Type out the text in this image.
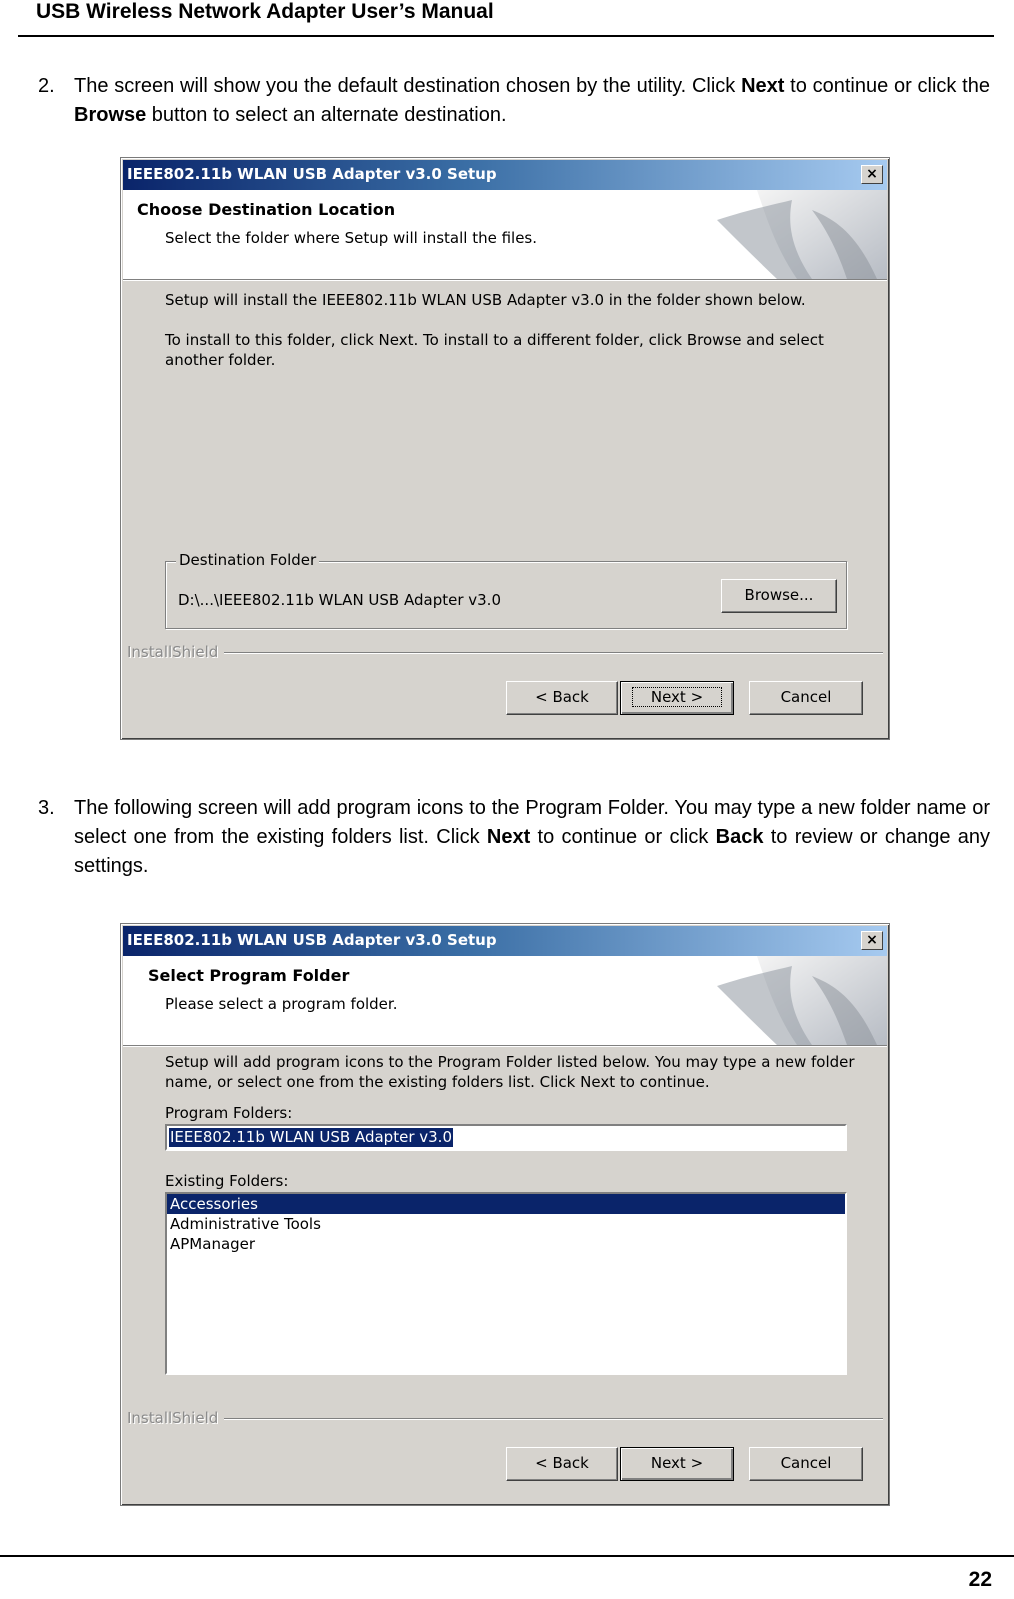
USB Wireless Network Adapter User’s Manual
2. The screen will show you the default destination chosen by the utility. Click Next to continue or click the Browse button to select an alternate destination.
IEEE802.11b WLAN USB Adapter v3.0 Setup	×
Choose Destination Location
Select the folder where Setup will install the files.
Setup will install the IEEE802.11b WLAN USB Adapter v3.0 in the folder shown below.
To install to this folder, click Next. To install to a different folder, click Browse and select
another folder.
Destination Folder
D:\...\IEEE802.11b WLAN USB Adapter v3.0	Browse...
InstallShield
< Back	Next >	Cancel
3. The following screen will add program icons to the Program Folder. You may type a new folder name or select one from the existing folders list. Click Next to continue or click Back to review or change any settings.
IEEE802.11b WLAN USB Adapter v3.0 Setup	×
Select Program Folder
Please select a program folder.
Setup will add program icons to the Program Folder listed below. You may type a new folder
name, or select one from the existing folders list. Click Next to continue.
Program Folders:
IEEE802.11b WLAN USB Adapter v3.0
Existing Folders:
Accessories
Administrative Tools
APManager
InstallShield
< Back	Next >	Cancel
22
